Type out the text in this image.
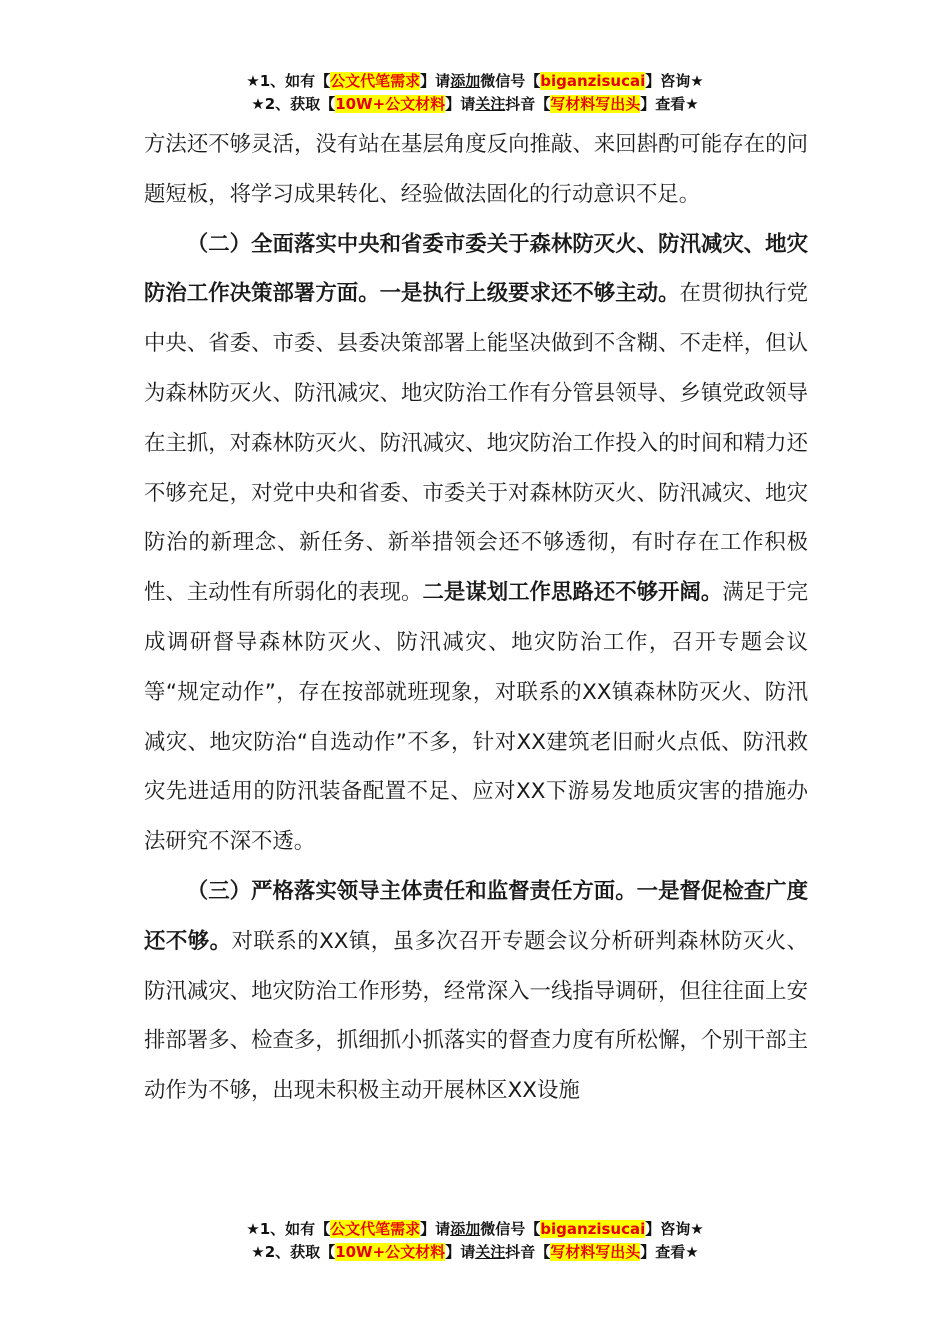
★1、如有【公文代笔需求】请添加微信号【biganzisucai】咨询★
★2、获取【10W+公文材料】请关注抖音【写材料写出头】查看★

方法还不够灵活，没有站在基层角度反向推敲、来回斟酌可能存在的问题短板，将学习成果转化、经验做法固化的行动意识不足。

（二）全面落实中央和省委市委关于森林防灭火、防汛减灾、地灾防治工作决策部署方面。一是执行上级要求还不够主动。在贯彻执行党中央、省委、市委、县委决策部署上能坚决做到不含糊、不走样，但认为森林防灭火、防汛减灾、地灾防治工作有分管县领导、乡镇党政领导在主抓，对森林防灭火、防汛减灾、地灾防治工作投入的时间和精力还不够充足，对党中央和省委、市委关于对森林防灭火、防汛减灾、地灾防治的新理念、新任务、新举措领会还不够透彻，有时存在工作积极性、主动性有所弱化的表现。二是谋划工作思路还不够开阔。满足于完成调研督导森林防灭火、防汛减灾、地灾防治工作，召开专题会议等“规定动作”，存在按部就班现象，对联系的XX镇森林防灭火、防汛减灾、地灾防治“自选动作”不多，针对XX建筑老旧耐火点低、防汛救灾先进适用的防汛装备配置不足、应对XX下游易发地质灾害的措施办法研究不深不透。

（三）严格落实领导主体责任和监督责任方面。一是督促检查广度还不够。对联系的XX镇，虽多次召开专题会议分析研判森林防灭火、防汛减灾、地灾防治工作形势，经常深入一线指导调研，但往往面上安排部署多、检查多，抓细抓小抓落实的督查力度有所松懈，个别干部主动作为不够，出现未积极主动开展林区XX设施

★1、如有【公文代笔需求】请添加微信号【biganzisucai】咨询★
★2、获取【10W+公文材料】请关注抖音【写材料写出头】查看★
